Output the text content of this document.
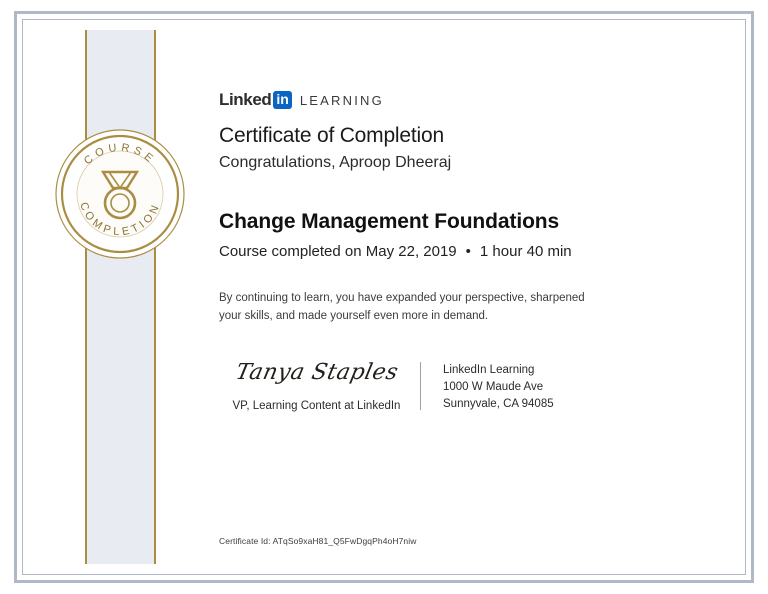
COURSE
COMPLETION
Linked in LEARNING
Certificate of Completion

Congratulations, Aproop Dheeraj

Change Management Foundations

Course completed on May 22, 2019 • 1 hour 40 min

By continuing to learn, you have expanded your perspective, sharpened your skills, and made yourself even more in demand.

Tanya Staples
VP, Learning Content at LinkedIn
LinkedIn Learning
1000 W Maude Ave
Sunnyvale, CA 94085
Certificate Id: ATqSo9xaH81_Q5FwDgqPh4oH7niw
